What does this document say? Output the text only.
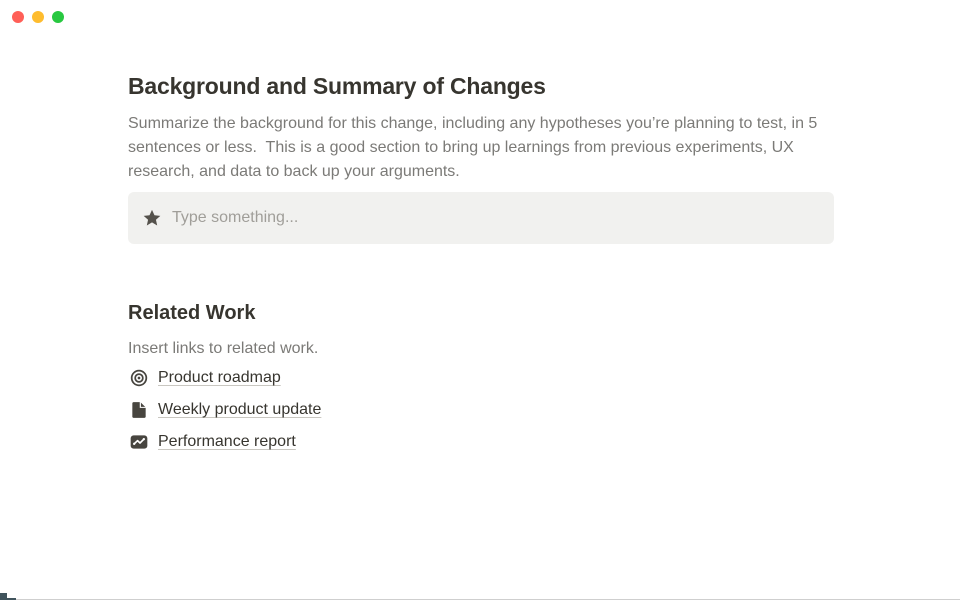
Background and Summary of Changes

Summarize the background for this change, including any hypotheses you’re planning to test, in 5 sentences or less.  This is a good section to bring up learnings from previous experiments, UX research, and data to back up your arguments.

Type something...
Related Work

Insert links to related work.

Product roadmap
Weekly product update
Performance report
